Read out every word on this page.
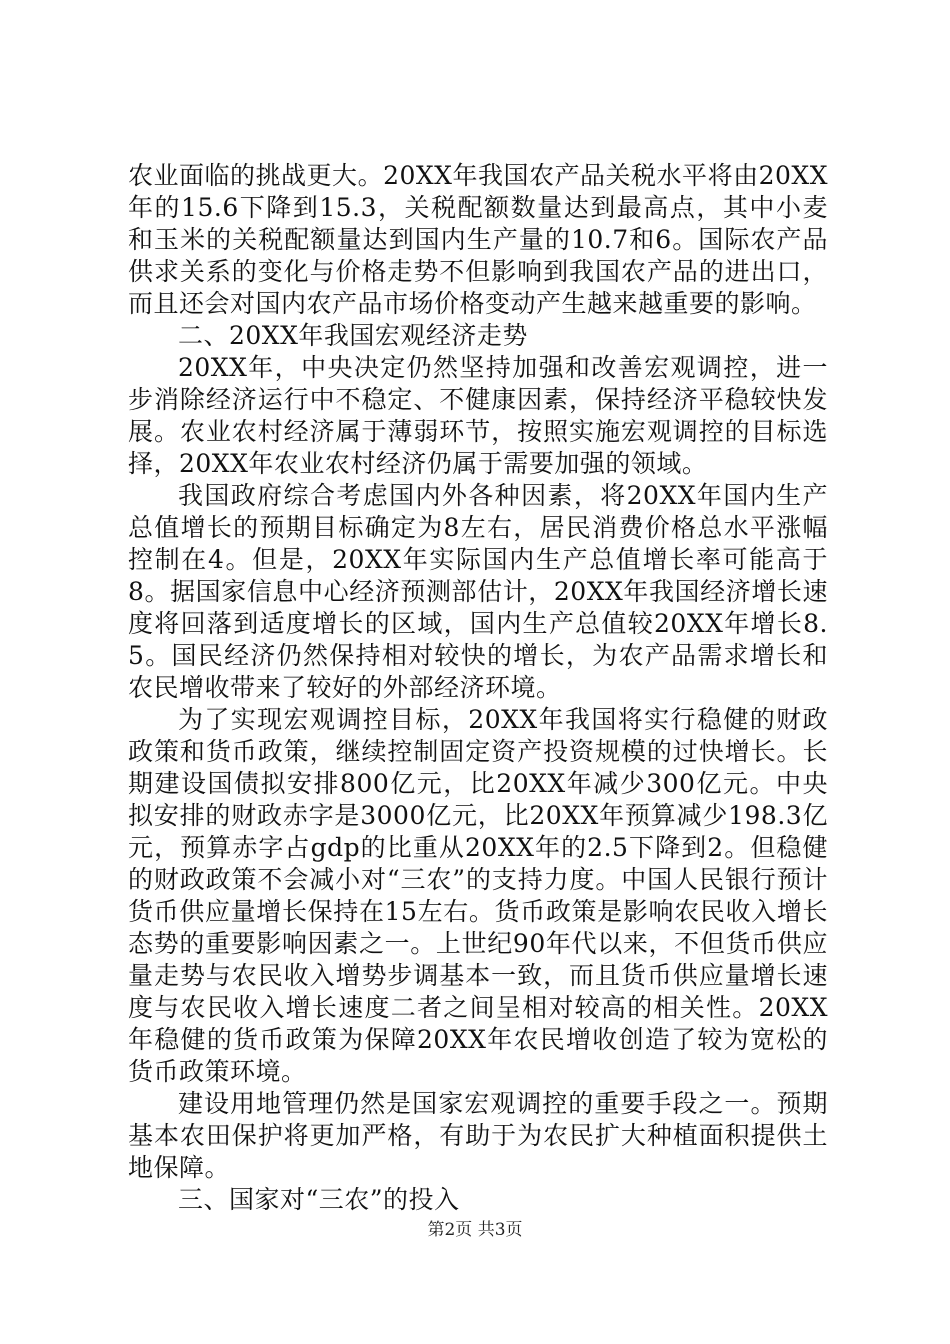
农业面临的挑战更大。20XX年我国农产品关税水平将由20XX年的15.6下降到15.3，关税配额数量达到最高点，其中小麦和玉米的关税配额量达到国内生产量的10.7和6。国际农产品供求关系的变化与价格走势不但影响到我国农产品的进出口，而且还会对国内农产品市场价格变动产生越来越重要的影响。

二、20XX年我国宏观经济走势

20XX年，中央决定仍然坚持加强和改善宏观调控，进一步消除经济运行中不稳定、不健康因素，保持经济平稳较快发展。农业农村经济属于薄弱环节，按照实施宏观调控的目标选择，20XX年农业农村经济仍属于需要加强的领域。

我国政府综合考虑国内外各种因素，将20XX年国内生产总值增长的预期目标确定为8左右，居民消费价格总水平涨幅控制在4。但是，20XX年实际国内生产总值增长率可能高于8。据国家信息中心经济预测部估计，20XX年我国经济增长速度将回落到适度增长的区域，国内生产总值较20XX年增长8.5。国民经济仍然保持相对较快的增长，为农产品需求增长和农民增收带来了较好的外部经济环境。

为了实现宏观调控目标，20XX年我国将实行稳健的财政政策和货币政策，继续控制固定资产投资规模的过快增长。长期建设国债拟安排800亿元，比20XX年减少300亿元。中央拟安排的财政赤字是3000亿元，比20XX年预算减少198.3亿元，预算赤字占gdp的比重从20XX年的2.5下降到2。但稳健的财政政策不会减小对“三农”的支持力度。中国人民银行预计货币供应量增长保持在15左右。货币政策是影响农民收入增长态势的重要影响因素之一。上世纪90年代以来，不但货币供应量走势与农民收入增势步调基本一致，而且货币供应量增长速度与农民收入增长速度二者之间呈相对较高的相关性。20XX年稳健的货币政策为保障20XX年农民增收创造了较为宽松的货币政策环境。

建设用地管理仍然是国家宏观调控的重要手段之一。预期基本农田保护将更加严格，有助于为农民扩大种植面积提供土地保障。

三、国家对“三农”的投入

第2页 共3页
